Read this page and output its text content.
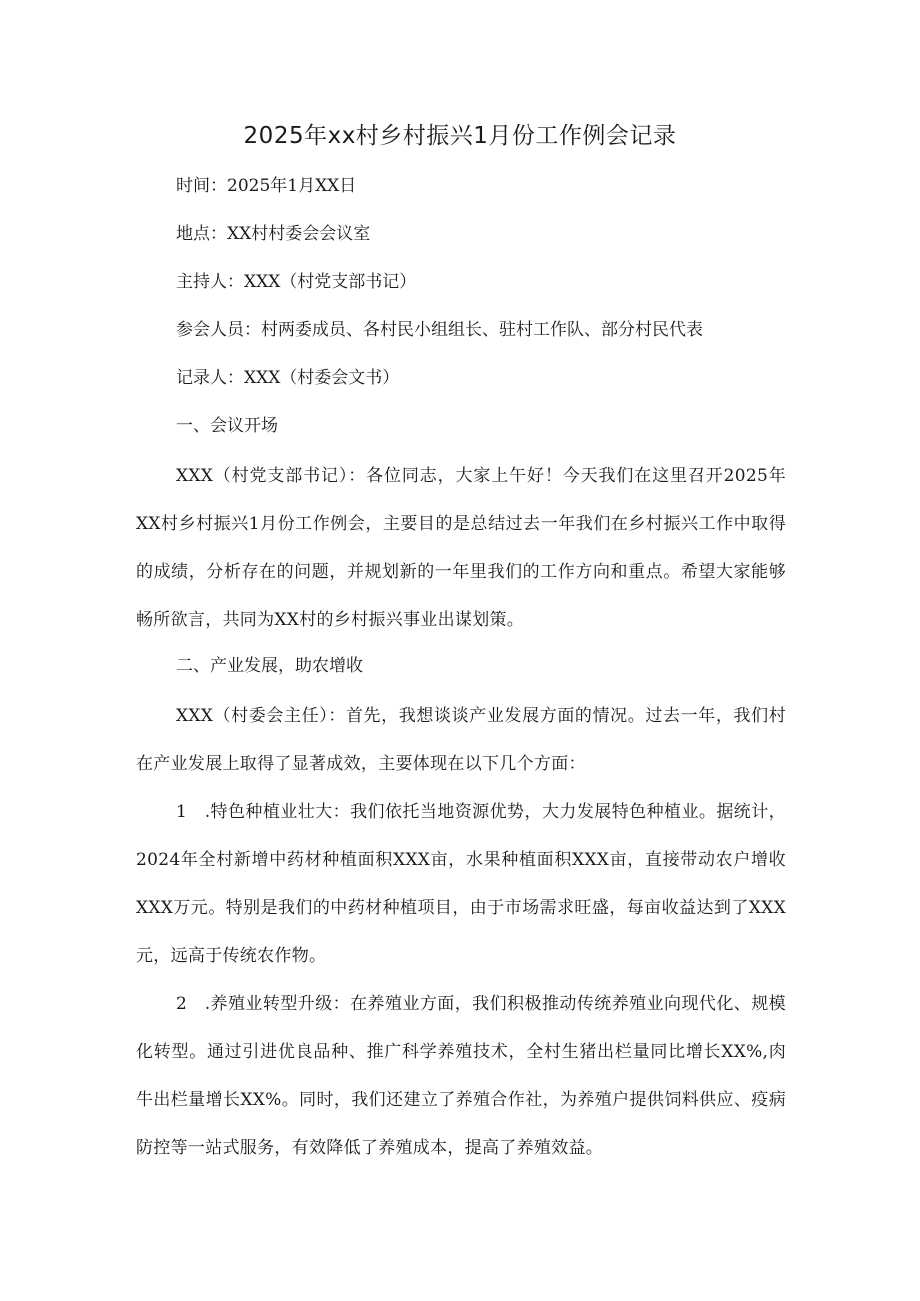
2025年xx村乡村振兴1月份工作例会记录

时间：2025年1月XX日

地点：XX村村委会会议室

主持人：XXX（村党支部书记）

参会人员：村两委成员、各村民小组组长、驻村工作队、部分村民代表

记录人：XXX（村委会文书）

一、会议开场

XXX（村党支部书记）：各位同志，大家上午好！今天我们在这里召开2025年XX村乡村振兴1月份工作例会，主要目的是总结过去一年我们在乡村振兴工作中取得的成绩，分析存在的问题，并规划新的一年里我们的工作方向和重点。希望大家能够畅所欲言，共同为XX村的乡村振兴事业出谋划策。

二、产业发展，助农增收

XXX（村委会主任）：首先，我想谈谈产业发展方面的情况。过去一年，我们村在产业发展上取得了显著成效，主要体现在以下几个方面：

1　.特色种植业壮大：我们依托当地资源优势，大力发展特色种植业。据统计，2024年全村新增中药材种植面积XXX亩，水果种植面积XXX亩，直接带动农户增收XXX万元。特别是我们的中药材种植项目，由于市场需求旺盛，每亩收益达到了XXX元，远高于传统农作物。

2　.养殖业转型升级：在养殖业方面，我们积极推动传统养殖业向现代化、规模化转型。通过引进优良品种、推广科学养殖技术，全村生猪出栏量同比增长XX%,肉牛出栏量增长XX%。同时，我们还建立了养殖合作社，为养殖户提供饲料供应、疫病防控等一站式服务，有效降低了养殖成本，提高了养殖效益。
